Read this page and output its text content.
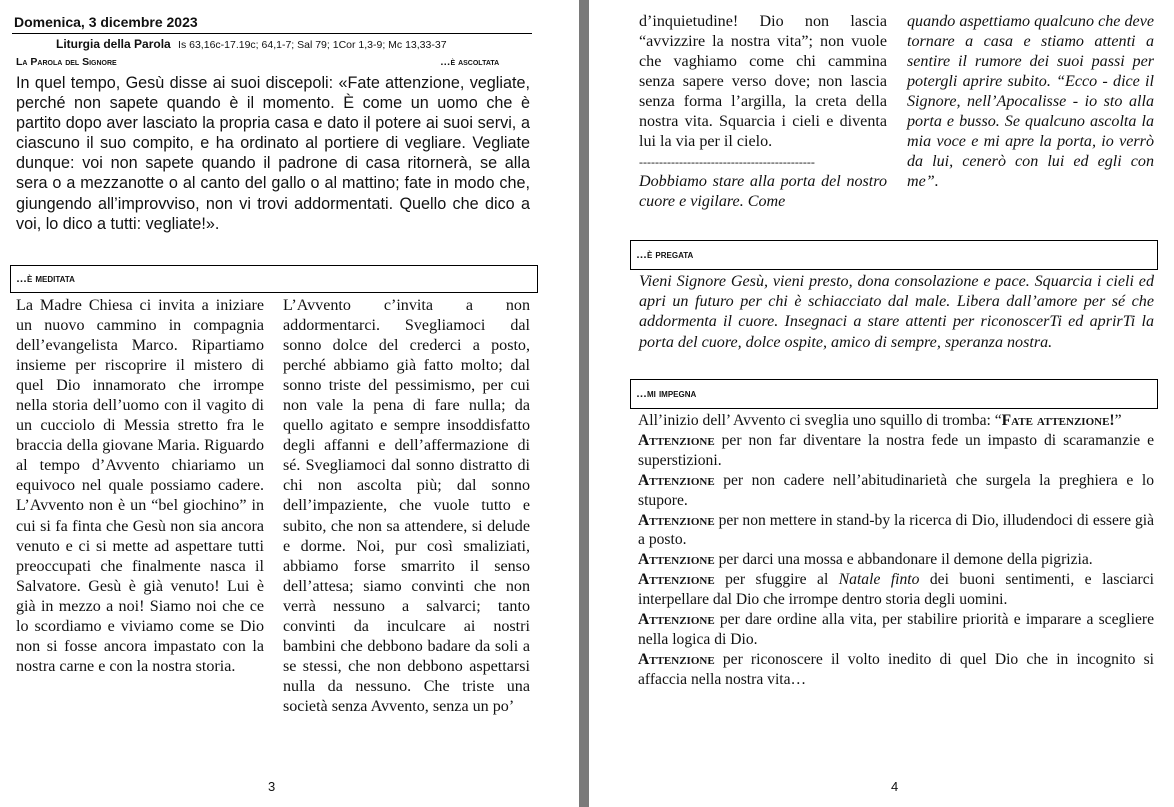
Domenica, 3 dicembre 2023
Liturgia della Parola Is 63,16c-17.19c; 64,1-7; Sal 79; 1Cor 1,3-9; Mc 13,33-37
La Parola del Signore	…è ascoltata
In quel tempo, Gesù disse ai suoi discepoli: «Fate attenzione, vegliate, perché non sapete quando è il momento. È come un uomo che è partito dopo aver lasciato la propria casa e dato il potere ai suoi servi, a ciascuno il suo compito, e ha ordinato al portiere di vegliare. Vegliate dunque: voi non sapete quando il padrone di casa ritornerà, se alla sera o a mezzanotte o al canto del gallo o al mattino; fate in modo che, giungendo all’improvviso, non vi trovi addormentati. Quello che dico a voi, lo dico a tutti: vegliate!».
…è meditata
La Madre Chiesa ci invita a iniziare un nuovo cammino in compagnia dell’evangelista Marco. Ripartiamo insieme per riscoprire il mistero di quel Dio innamorato che irrompe nella storia dell’uomo con il vagito di un cucciolo di Messia stretto fra le braccia della giovane Maria. Riguardo al tempo d’Avvento chiariamo un equivoco nel quale possiamo cadere. L’Avvento non è un “bel giochino” in cui si fa finta che Gesù non sia ancora venuto e ci si mette ad aspettare tutti preoccupati che finalmente nasca il Salvatore. Gesù è già venuto! Lui è già in mezzo a noi! Siamo noi che ce lo scordiamo e viviamo come se Dio non si fosse ancora impastato con la nostra carne e con la nostra storia.
L’Avvento c’invita a non addormentarci. Svegliamoci dal sonno dolce del crederci a posto, perché abbiamo già fatto molto; dal sonno triste del pessimismo, per cui non vale la pena di fare nulla; da quello agitato e sempre insoddisfatto degli affanni e dell’affermazione di sé. Svegliamoci dal sonno distratto di chi non ascolta più; dal sonno dell’impaziente, che vuole tutto e subito, che non sa attendere, si delude e dorme. Noi, pur così smaliziati, abbiamo forse smarrito il senso dell’attesa; siamo convinti che non verrà nessuno a salvarci; tanto convinti da inculcare ai nostri bambini che debbono badare da soli a se stessi, che non debbono aspettarsi nulla da nessuno. Che triste una società senza Avvento, senza un po’
3
d’inquietudine! Dio non lascia “avvizzire la nostra vita”; non vuole che vaghiamo come chi cammina senza sapere verso dove; non lascia senza forma l’argilla, la creta della nostra vita. Squarcia i cieli e diventa lui la via per il cielo.
--------------------------------------------
Dobbiamo stare alla porta del nostro cuore e vigilare. Come
quando aspettiamo qualcuno che deve tornare a casa e stiamo attenti a sentire il rumore dei suoi passi per potergli aprire subito. “Ecco - dice il Signore, nell’Apocalisse - io sto alla porta e busso. Se qualcuno ascolta la mia voce e mi apre la porta, io verrò da lui, cenerò con lui ed egli con me”.
…è pregata
Vieni Signore Gesù, vieni presto, dona consolazione e pace. Squarcia i cieli ed apri un futuro per chi è schiacciato dal male. Libera dall’amore per sé che addormenta il cuore. Insegnaci a stare attenti per riconoscerTi ed aprirTi la porta del cuore, dolce ospite, amico di sempre, speranza nostra.
…mi impegna

All’inizio dell’ Avvento ci sveglia uno squillo di tromba: “Fate attenzione!”

Attenzione per non far diventare la nostra fede un impasto di scaramanzie e superstizioni.

Attenzione per non cadere nell’abitudinarietà che surgela la preghiera e lo stupore.

Attenzione per non mettere in stand-by la ricerca di Dio, illudendoci di essere già a posto.

Attenzione per darci una mossa e abbandonare il demone della pigrizia.

Attenzione per sfuggire al Natale finto dei buoni sentimenti, e lasciarci interpellare dal Dio che irrompe dentro storia degli uomini.

Attenzione per dare ordine alla vita, per stabilire priorità e imparare a scegliere nella logica di Dio.

Attenzione per riconoscere il volto inedito di quel Dio che in incognito si affaccia nella nostra vita…

4
